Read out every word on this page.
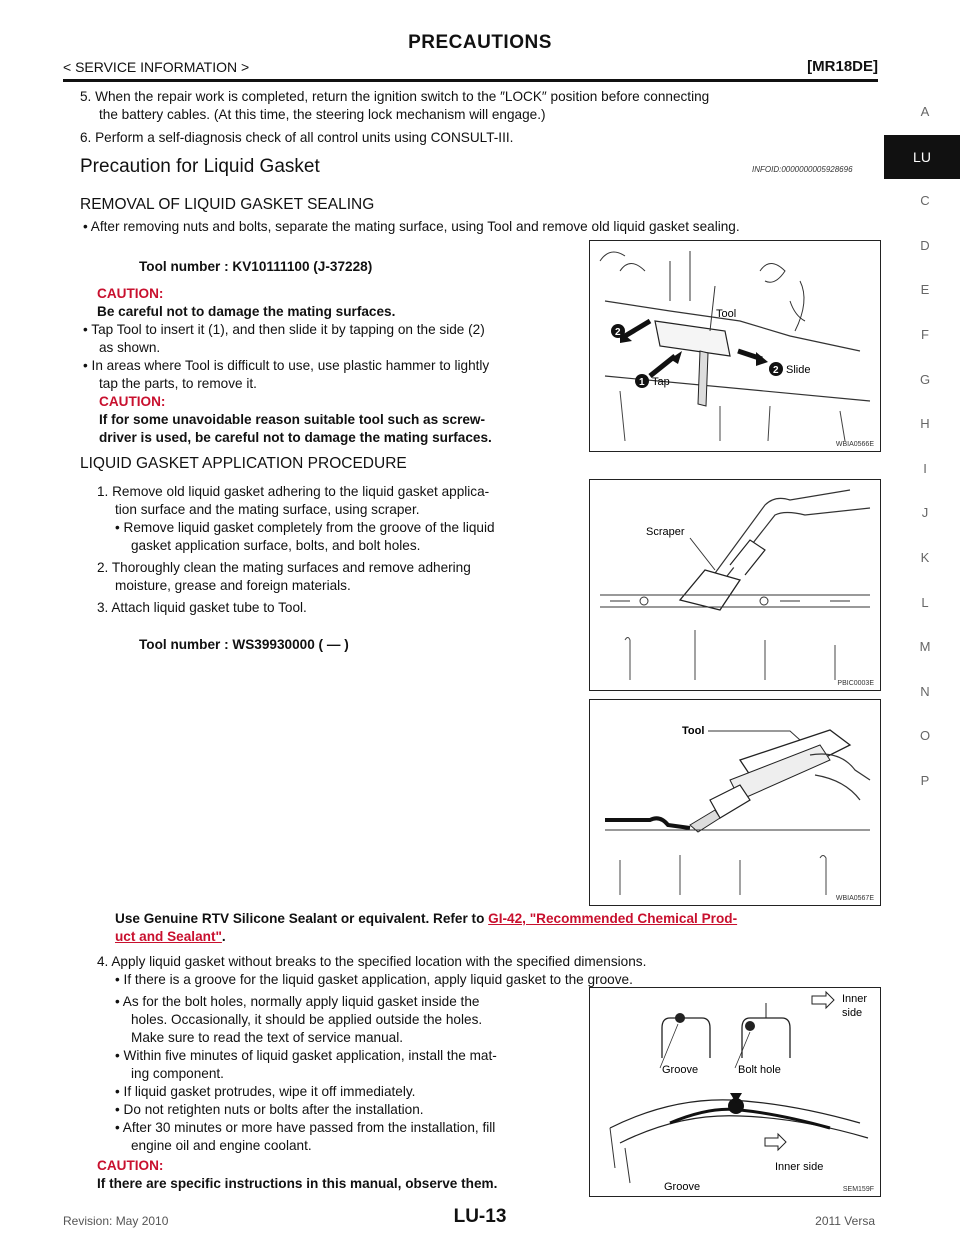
PRECAUTIONS
< SERVICE INFORMATION >	[MR18DE]
A
LU
C
D
E
F
G
H
I
J
K
L
M
N
O
P
5. When the repair work is completed, return the ignition switch to the ″LOCK″ position before connecting
the battery cables. (At this time, the steering lock mechanism will engage.)
6. Perform a self-diagnosis check of all control units using CONSULT-III.
Precaution for Liquid Gasket	INFOID:0000000005928696
REMOVAL OF LIQUID GASKET SEALING
• After removing nuts and bolts, separate the mating surface, using Tool and remove old liquid gasket sealing.
Tool number : KV10111100 (J-37228)
CAUTION:
Be careful not to damage the mating surfaces.
• Tap Tool to insert it (1), and then slide it by tapping on the side (2)
as shown.
• In areas where Tool is difficult to use, use plastic hammer to lightly
tap the parts, to remove it.
CAUTION:
If for some unavoidable reason suitable tool such as screw-
driver is used, be careful not to damage the mating surfaces.
2
1 Tap
2 Slide
Tool
WBIA0566E
LIQUID GASKET APPLICATION PROCEDURE
1. Remove old liquid gasket adhering to the liquid gasket applica-
tion surface and the mating surface, using scraper.
• Remove liquid gasket completely from the groove of the liquid
gasket application surface, bolts, and bolt holes.
2. Thoroughly clean the mating surfaces and remove adhering
moisture, grease and foreign materials.
3. Attach liquid gasket tube to Tool.
Tool number : WS39930000 ( — )
Scraper
PBIC0003E
Tool
WBIA0567E
Use Genuine RTV Silicone Sealant or equivalent. Refer to GI-42, "Recommended Chemical Prod-
uct and Sealant".
4. Apply liquid gasket without breaks to the specified location with the specified dimensions.
• If there is a groove for the liquid gasket application, apply liquid gasket to the groove.
• As for the bolt holes, normally apply liquid gasket inside the
holes. Occasionally, it should be applied outside the holes.
Make sure to read the text of service manual.
• Within five minutes of liquid gasket application, install the mat-
ing component.
• If liquid gasket protrudes, wipe it off immediately.
• Do not retighten nuts or bolts after the installation.
• After 30 minutes or more have passed from the installation, fill
engine oil and engine coolant.
CAUTION:
If there are specific instructions in this manual, observe them.
Inner
side
Groove	Bolt hole
Inner side
Groove	SEM159F
Revision: May 2010	LU-13	2011 Versa
